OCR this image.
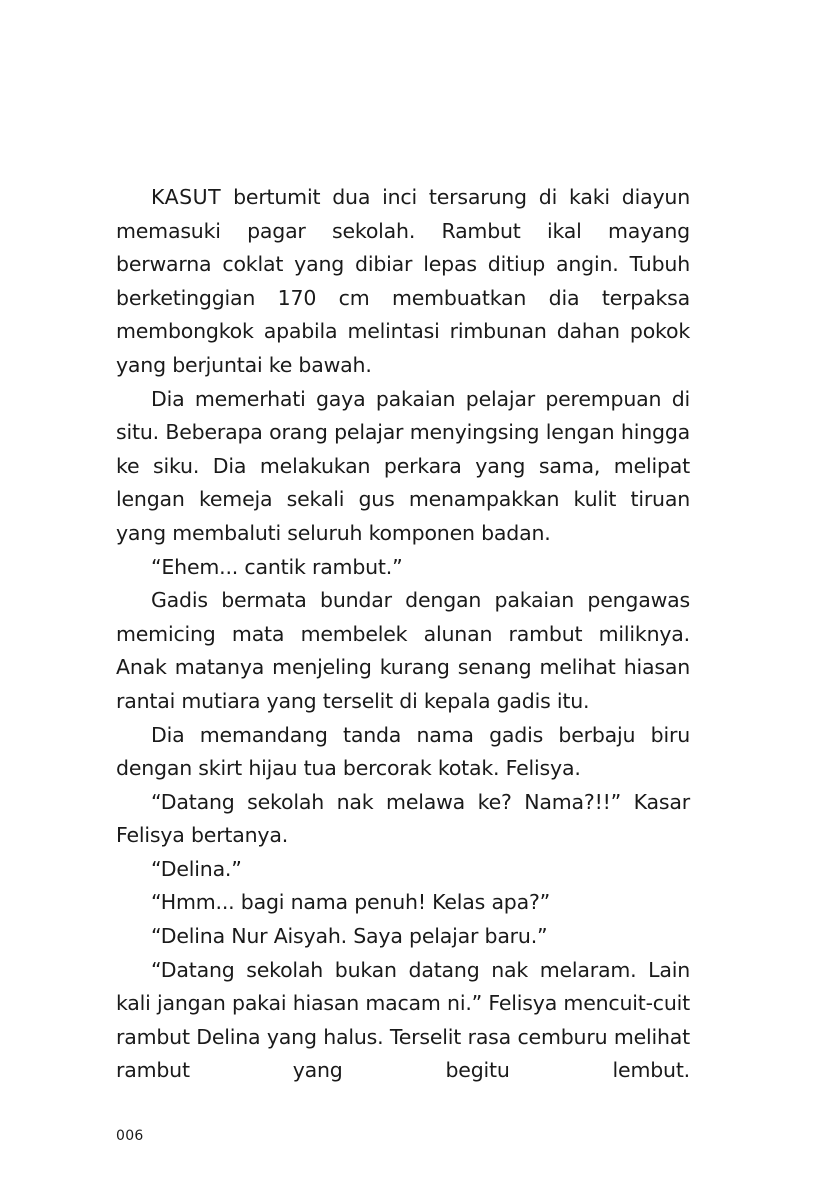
KASUT bertumit dua inci tersarung di kaki diayun memasuki pagar sekolah. Rambut ikal mayang berwarna coklat yang dibiar lepas ditiup angin. Tubuh berketinggian 170 cm membuatkan dia terpaksa membongkok apabila melintasi rimbunan dahan pokok yang berjuntai ke bawah.

Dia memerhati gaya pakaian pelajar perempuan di situ. Beberapa orang pelajar menyingsing lengan hingga ke siku. Dia melakukan perkara yang sama, melipat lengan kemeja sekali gus menampakkan kulit tiruan yang membaluti seluruh komponen badan.

“Ehem... cantik rambut.”

Gadis bermata bundar dengan pakaian pengawas memicing mata membelek alunan rambut miliknya. Anak matanya menjeling kurang senang melihat hiasan rantai mutiara yang terselit di kepala gadis itu.

Dia memandang tanda nama gadis berbaju biru dengan skirt hijau tua bercorak kotak. Felisya.

“Datang sekolah nak melawa ke? Nama?!!” Kasar Felisya bertanya.

“Delina.”

“Hmm... bagi nama penuh! Kelas apa?”

“Delina Nur Aisyah. Saya pelajar baru.”

“Datang sekolah bukan datang nak melaram. Lain kali jangan pakai hiasan macam ni.” Felisya mencuit-cuit rambut Delina yang halus. Terselit rasa cemburu melihat rambut yang begitu lembut.

006
